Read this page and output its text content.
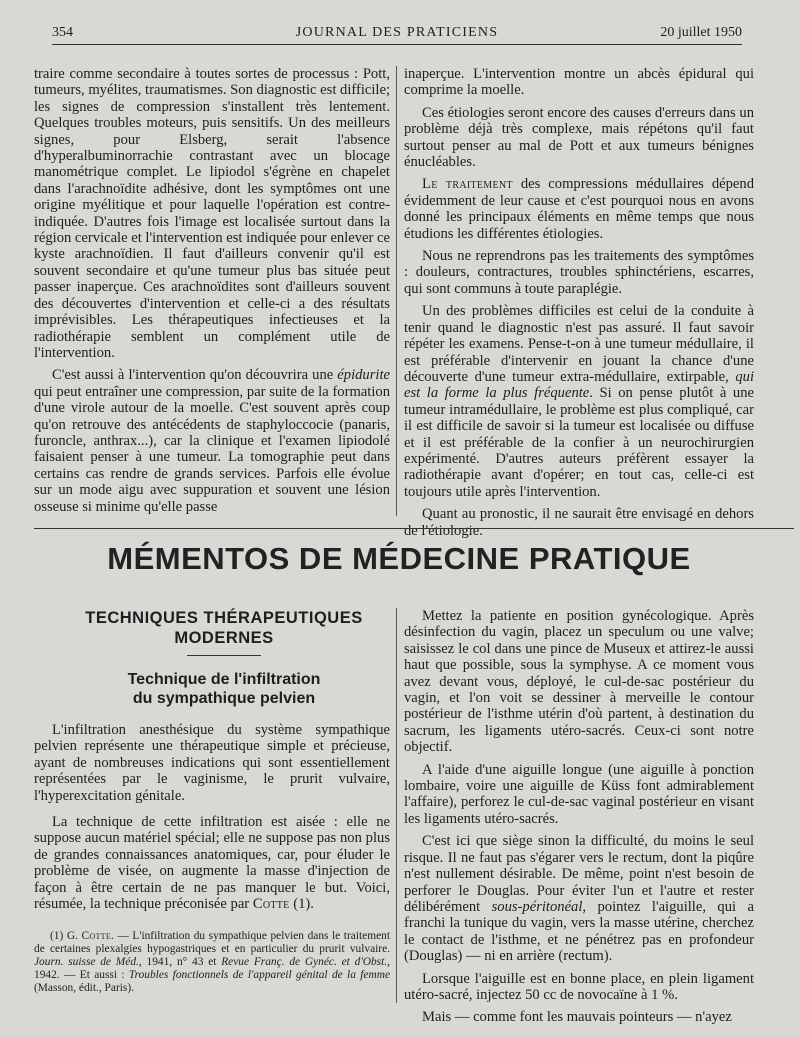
354	JOURNAL DES PRATICIENS	20 juillet 1950

traire comme secondaire à toutes sortes de processus : Pott, tumeurs, myélites, traumatismes. Son diagnostic est difficile; les signes de compression s'installent très lentement. Quelques troubles moteurs, puis sensitifs. Un des meilleurs signes, pour Elsberg, serait l'absence d'hyperalbuminorrachie contrastant avec un blocage manométrique complet. Le lipiodol s'égrène en chapelet dans l'arachnoïdite adhésive, dont les symptômes ont une origine myélitique et pour laquelle l'opération est contre-indiquée. D'autres fois l'image est localisée surtout dans la région cervicale et l'intervention est indiquée pour enlever ce kyste arachnoïdien. Il faut d'ailleurs convenir qu'il est souvent secondaire et qu'une tumeur plus bas située peut passer inaperçue. Ces arachnoïdites sont d'ailleurs souvent des découvertes d'intervention et celle-ci a des résultats imprévisibles. Les thérapeutiques infectieuses et la radiothérapie semblent un complément utile de l'intervention.

C'est aussi à l'intervention qu'on découvrira une épidurite qui peut entraîner une compression, par suite de la formation d'une virole autour de la moelle. C'est souvent après coup qu'on retrouve des antécédents de staphyloccocie (panaris, furoncle, anthrax...), car la clinique et l'examen lipiodolé faisaient penser à une tumeur. La tomographie peut dans certains cas rendre de grands services. Parfois elle évolue sur un mode aigu avec suppuration et souvent une lésion osseuse si minime qu'elle passe

inaperçue. L'intervention montre un abcès épidural qui comprime la moelle.

Ces étiologies seront encore des causes d'erreurs dans un problème déjà très complexe, mais répétons qu'il faut surtout penser au mal de Pott et aux tumeurs bénignes énucléables.

Le traitement des compressions médullaires dépend évidemment de leur cause et c'est pourquoi nous en avons donné les principaux éléments en même temps que nous étudions les différentes étiologies.

Nous ne reprendrons pas les traitements des symptômes : douleurs, contractures, troubles sphinctériens, escarres, qui sont communs à toute paraplégie.

Un des problèmes difficiles est celui de la conduite à tenir quand le diagnostic n'est pas assuré. Il faut savoir répéter les examens. Pense-t-on à une tumeur médullaire, il est préférable d'intervenir en jouant la chance d'une découverte d'une tumeur extra-médullaire, extirpable, qui est la forme la plus fréquente. Si on pense plutôt à une tumeur intramédullaire, le problème est plus compliqué, car il est difficile de savoir si la tumeur est localisée ou diffuse et il est préférable de la confier à un neurochirurgien expérimenté. D'autres auteurs préfèrent essayer la radiothérapie avant d'opérer; en tout cas, celle-ci est toujours utile après l'intervention.

Quant au pronostic, il ne saurait être envisagé en dehors de l'étiologie.

MÉMENTOS DE MÉDECINE PRATIQUE
TECHNIQUES THÉRAPEUTIQUES
MODERNES
Technique de l'infiltration
du sympathique pelvien

L'infiltration anesthésique du système sympathique pelvien représente une thérapeutique simple et précieuse, ayant de nombreuses indications qui sont essentiellement représentées par le vaginisme, le prurit vulvaire, l'hyperexcitation génitale.

La technique de cette infiltration est aisée : elle ne suppose aucun matériel spécial; elle ne suppose pas non plus de grandes connaissances anatomiques, car, pour éluder le problème de visée, on augmente la masse d'injection de façon à être certain de ne pas manquer le but. Voici, résumée, la technique préconisée par Cotte (1).

(1) G. Cotte. — L'infiltration du sympathique pelvien dans le traitement de certaines plexalgies hypogastriques et en particulier du prurit vulvaire. Journ. suisse de Méd., 1941, n° 43 et Revue Franç. de Gynéc. et d'Obst., 1942. — Et aussi : Troubles fonctionnels de l'appareil génital de la femme (Masson, édit., Paris).

Mettez la patiente en position gynécologique. Après désinfection du vagin, placez un speculum ou une valve; saisissez le col dans une pince de Museux et attirez-le aussi haut que possible, sous la symphyse. A ce moment vous avez devant vous, déployé, le cul-de-sac postérieur du vagin, et l'on voit se dessiner à merveille le contour postérieur de l'isthme utérin d'où partent, à destination du sacrum, les ligaments utéro-sacrés. Ceux-ci sont notre objectif.

A l'aide d'une aiguille longue (une aiguille à ponction lombaire, voire une aiguille de Küss font admirablement l'affaire), perforez le cul-de-sac vaginal postérieur en visant les ligaments utéro-sacrés.

C'est ici que siège sinon la difficulté, du moins le seul risque. Il ne faut pas s'égarer vers le rectum, dont la piqûre n'est nullement désirable. De même, point n'est besoin de perforer le Douglas. Pour éviter l'un et l'autre et rester délibérément sous-péritonéal, pointez l'aiguille, qui a franchi la tunique du vagin, vers la masse utérine, cherchez le contact de l'isthme, et ne pénétrez pas en profondeur (Douglas) — ni en arrière (rectum).

Lorsque l'aiguille est en bonne place, en plein ligament utéro-sacré, injectez 50 cc de novocaïne à 1 %.

Mais — comme font les mauvais pointeurs — n'ayez
